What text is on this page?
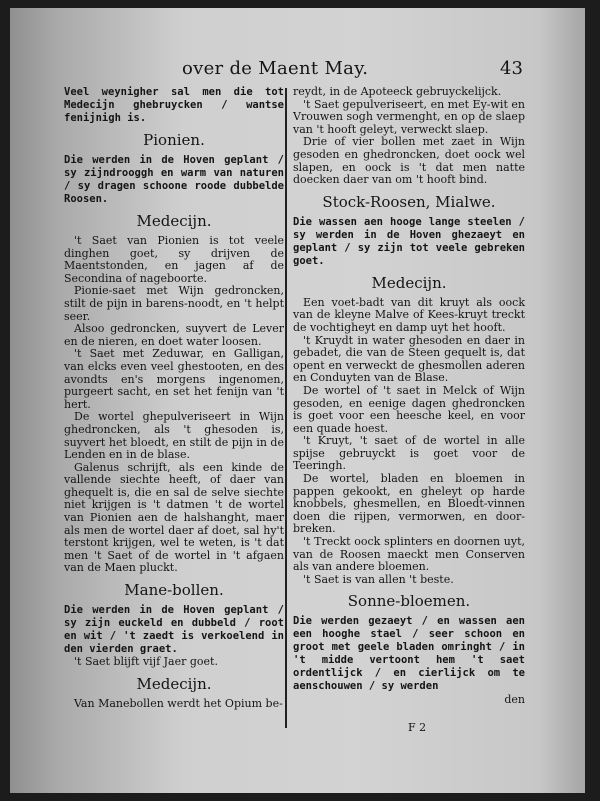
over de Maent May.	43

Veel weynigher sal men die tot Medecijn ghebruycken / wantse fenijnigh is.

Pionien.

Die werden in de Hoven geplant / sy zijndrooggh en warm van naturen / sy dragen schoone roode dubbelde Roosen.

Medecijn.

't Saet van Pionien is tot veele dinghen goet, sy drijven de Maentstonden, en jagen af de Secondina of nageboorte.

Pionie-saet met Wijn gedroncken, stilt de pijn in barens-noodt, en 't helpt seer.

Alsoo gedroncken, suyvert de Lever en de nieren, en doet water loosen.

't Saet met Zeduwar, en Galligan, van elcks even veel ghestooten, en des avondts en's morgens ingenomen, purgeert sacht, en set het fenijn van 't hert.

De wortel ghepulveriseert in Wijn ghedroncken, als 't ghesoden is, suyvert het bloedt, en stilt de pijn in de Lenden en in de blase.

Galenus schrijft, als een kinde de vallende siechte heeft, of daer van ghequelt is, die en sal de selve siechte niet krijgen is 't datmen 't de wortel van Pionien aen de halshanght, maer als men de wortel daer af doet, sal hy't terstont krijgen, wel te weten, is 't dat men 't Saet of de wortel in 't afgaen van de Maen pluckt.

Mane-bollen.

Die werden in de Hoven geplant / sy zijn euckeld en dubbeld / root en wit / 't zaedt is verkoelend in den vierden graet.

't Saet blijft vijf Jaer goet.

Medecijn.

Van Manebollen werdt het Opium be-

reydt, in de Apoteeck gebruyckelijck.

't Saet gepulveriseert, en met Ey-wit en Vrouwen sogh vermenght, en op de slaep van 't hooft geleyt, verweckt slaep.

Drie of vier bollen met zaet in Wijn gesoden en ghedroncken, doet oock wel slapen, en oock is 't dat men natte doecken daer van om 't hooft bind.

Stock-Roosen, Mialwe.

Die wassen aen hooge lange steelen / sy werden in de Hoven ghezaeyt en geplant / sy zijn tot veele gebreken goet.

Medecijn.

Een voet-badt van dit kruyt als oock van de kleyne Malve of Kees-kruyt treckt de vochtigheyt en damp uyt het hooft.

't Kruydt in water ghesoden en daer in gebadet, die van de Steen gequelt is, dat opent en verweckt de ghesmollen aderen en Conduyten van de Blase.

De wortel of 't saet in Melck of Wijn gesoden, en eenige dagen ghedroncken is goet voor een heesche keel, en voor een quade hoest.

't Kruyt, 't saet of de wortel in alle spijse gebruyckt is goet voor de Teeringh.

De wortel, bladen en bloemen in pappen gekookt, en gheleyt op harde knobbels, ghesmellen, en Bloedt-vinnen doen die rijpen, vermorwen, en door-breken.

't Treckt oock splinters en doornen uyt, van de Roosen maeckt men Conserven als van andere bloemen.

't Saet is van allen 't beste.

Sonne-bloemen.

Die werden gezaeyt / en wassen aen een hooghe stael / seer schoon en groot met geele bladen omringht / in 't midde vertoont hem 't saet ordentlijck / en cierlijck om te aenschouwen / sy werden

den
F 2
